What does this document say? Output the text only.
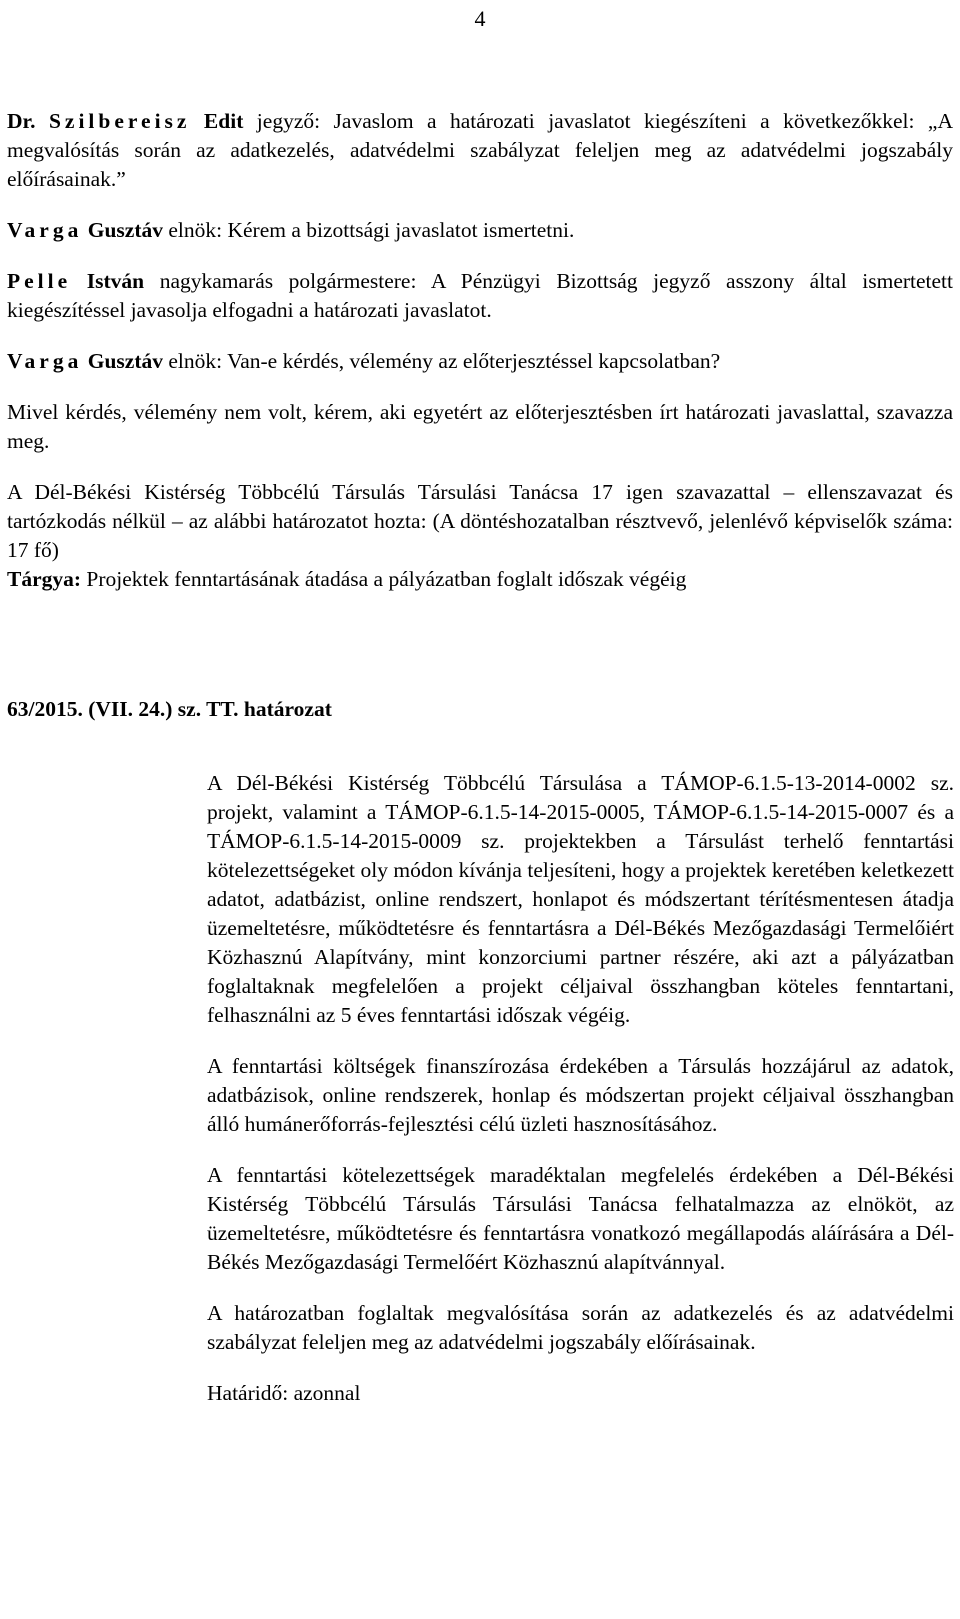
4

Dr. Szilbereisz Edit jegyző: Javaslom a határozati javaslatot kiegészíteni a következőkkel: „A megvalósítás során az adatkezelés, adatvédelmi szabályzat feleljen meg az adatvédelmi jogszabály előírásainak.”

Varga Gusztáv elnök: Kérem a bizottsági javaslatot ismertetni.

Pelle István nagykamarás polgármestere: A Pénzügyi Bizottság jegyző asszony által ismertetett kiegészítéssel javasolja elfogadni a határozati javaslatot.

Varga Gusztáv elnök: Van-e kérdés, vélemény az előterjesztéssel kapcsolatban?

Mivel kérdés, vélemény nem volt, kérem, aki egyetért az előterjesztésben írt határozati javaslattal, szavazza meg.

A Dél-Békési Kistérség Többcélú Társulás Társulási Tanácsa 17 igen szavazattal – ellenszavazat és tartózkodás nélkül – az alábbi határozatot hozta: (A döntéshozatalban résztvevő, jelenlévő képviselők száma: 17 fő)

Tárgya: Projektek fenntartásának átadása a pályázatban foglalt időszak végéig

63/2015. (VII. 24.) sz. TT. határozat

A Dél-Békési Kistérség Többcélú Társulása a TÁMOP-6.1.5-13-2014-0002 sz. projekt, valamint a TÁMOP-6.1.5-14-2015-0005, TÁMOP-6.1.5-14-2015-0007 és a TÁMOP-6.1.5-14-2015-0009 sz. projektekben a Társulást terhelő fenntartási kötelezettségeket oly módon kívánja teljesíteni, hogy a projektek keretében keletkezett adatot, adatbázist, online rendszert, honlapot és módszertant térítésmentesen átadja üzemeltetésre, működtetésre és fenntartásra a Dél-Békés Mezőgazdasági Termelőiért Közhasznú Alapítvány, mint konzorciumi partner részére, aki azt a pályázatban foglaltaknak megfelelően a projekt céljaival összhangban köteles fenntartani, felhasználni az 5 éves fenntartási időszak végéig.

A fenntartási költségek finanszírozása érdekében a Társulás hozzájárul az adatok, adatbázisok, online rendszerek, honlap és módszertan projekt céljaival összhangban álló humánerőforrás-fejlesztési célú üzleti hasznosításához.

A fenntartási kötelezettségek maradéktalan megfelelés érdekében a Dél-Békési Kistérség Többcélú Társulás Társulási Tanácsa felhatalmazza az elnököt, az üzemeltetésre, működtetésre és fenntartásra vonatkozó megállapodás aláírására a Dél-Békés Mezőgazdasági Termelőért Közhasznú alapítvánnyal.

A határozatban foglaltak megvalósítása során az adatkezelés és az adatvédelmi szabályzat feleljen meg az adatvédelmi jogszabály előírásainak.

Határidő: azonnal
